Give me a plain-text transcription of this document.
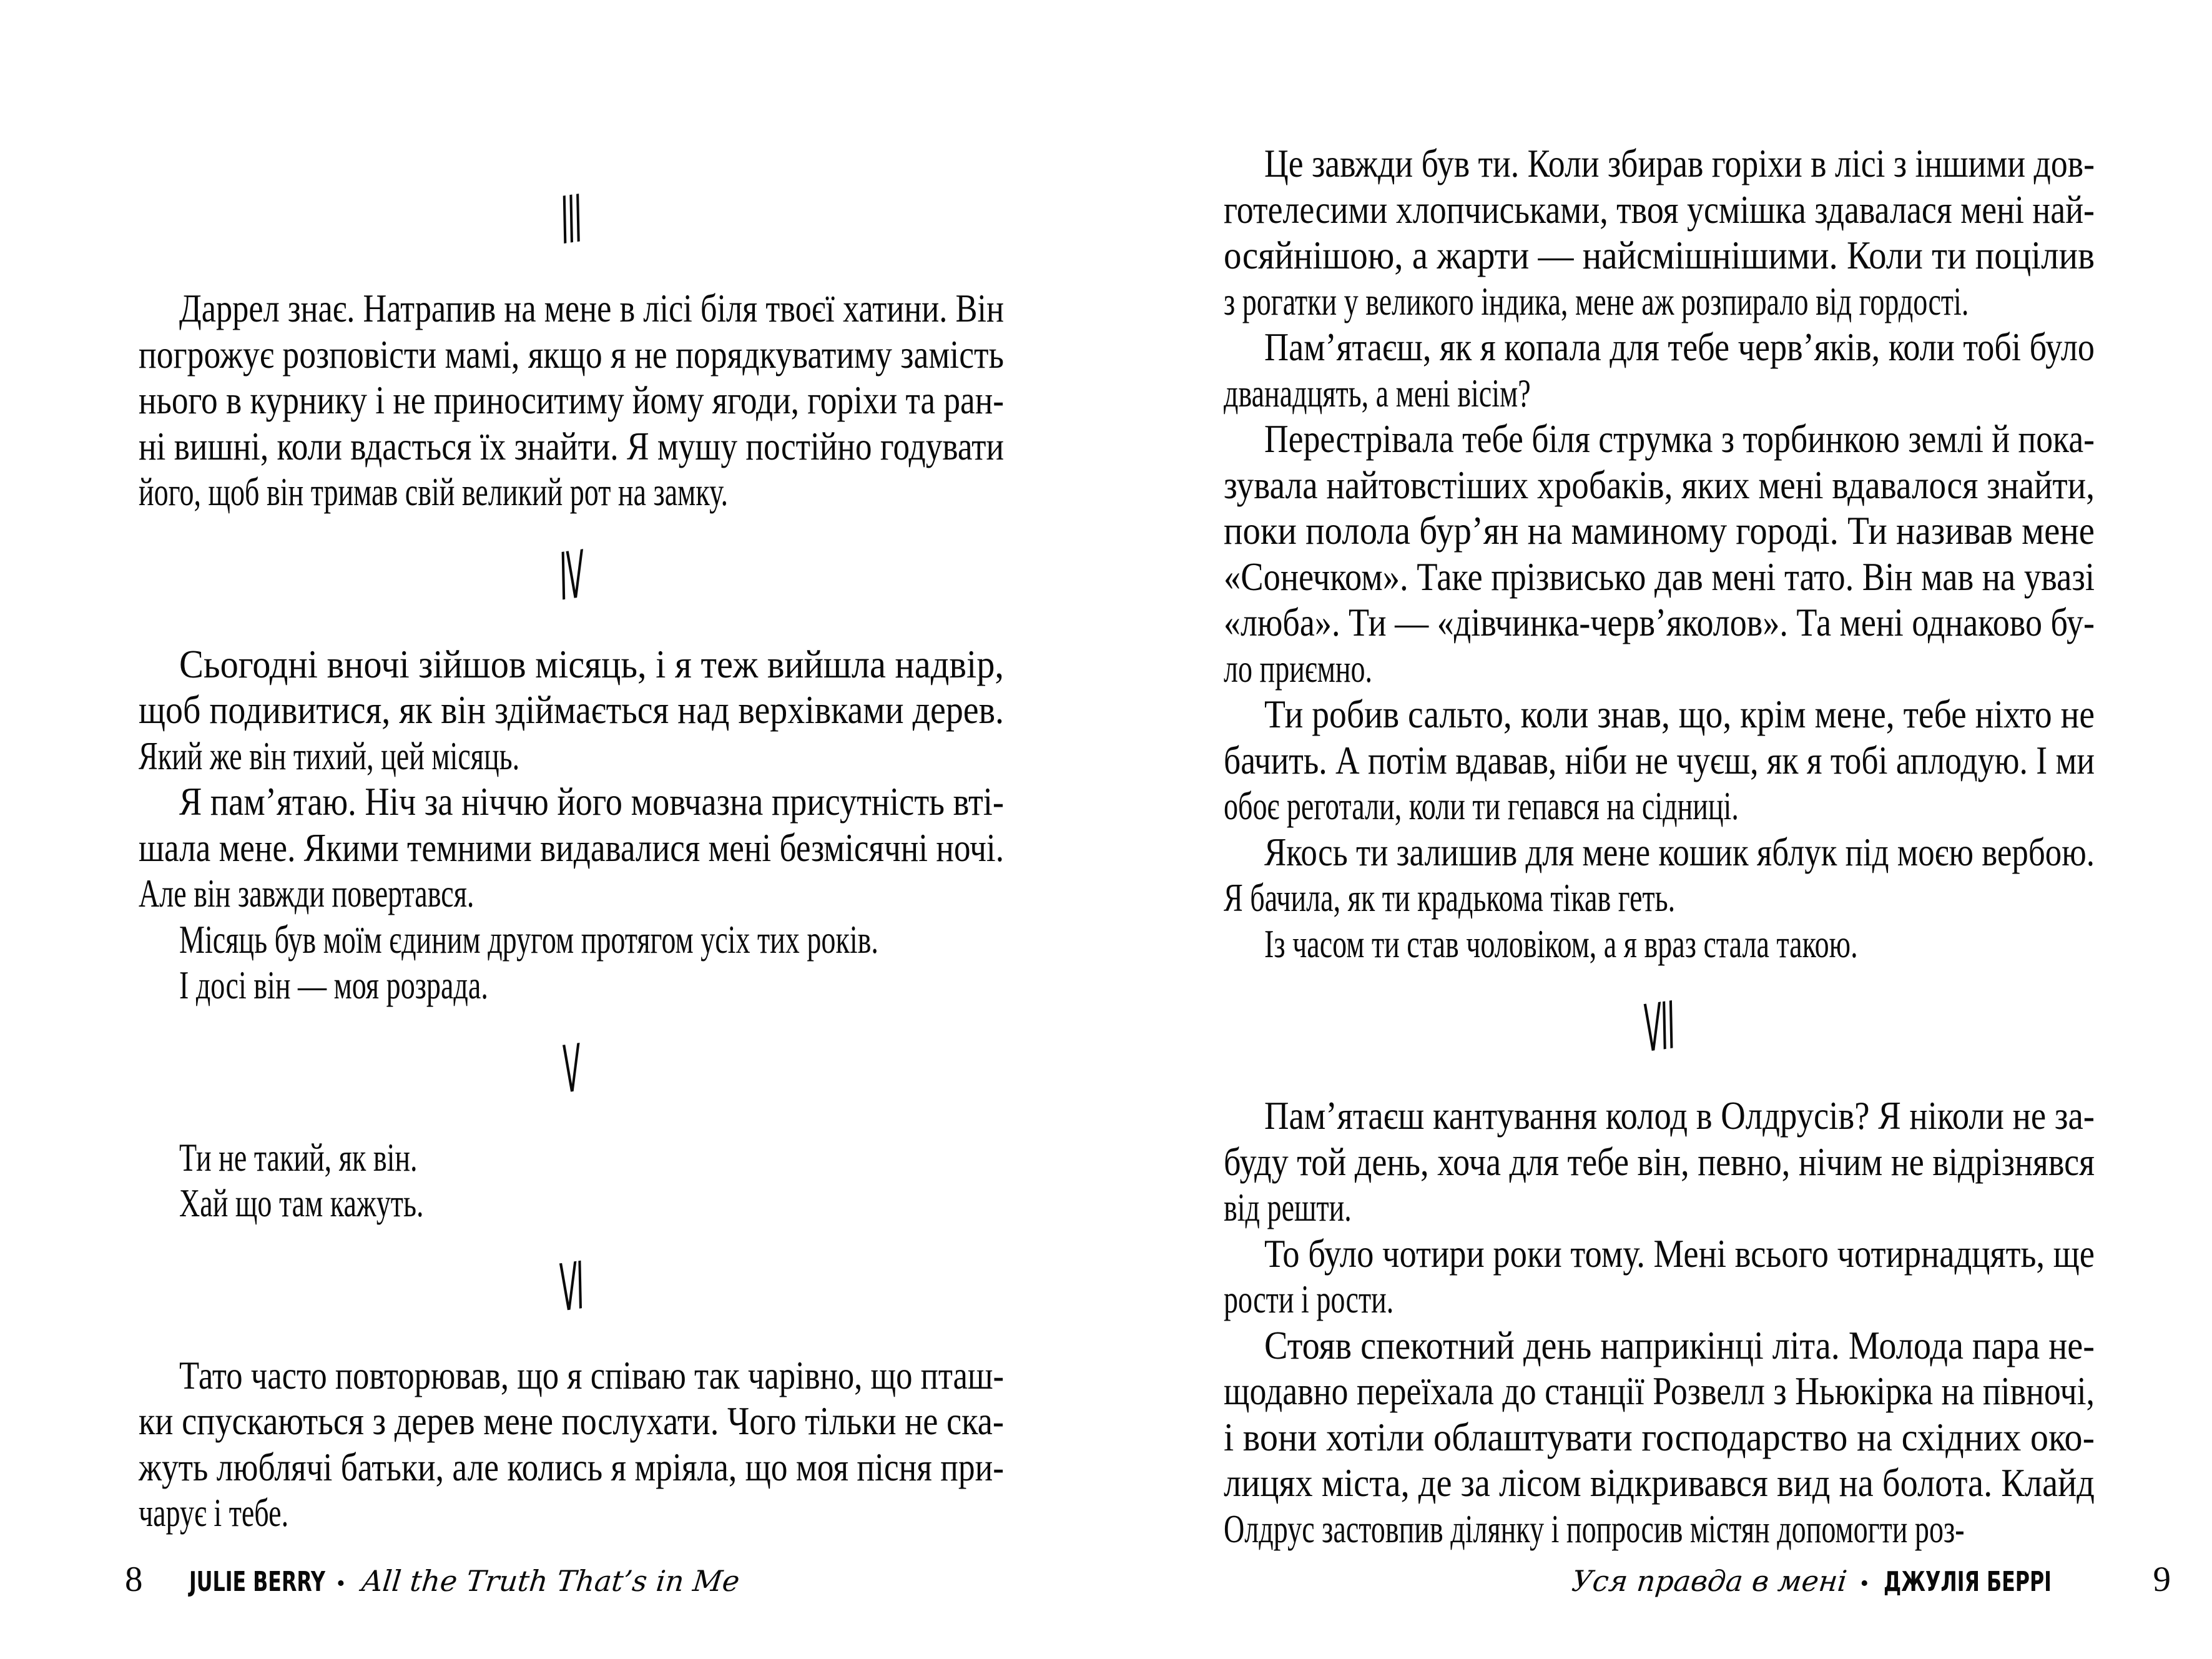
III
Даррел знає. Натрапив на мене в лісі біля твоєї хатини. Він
погрожує розповісти мамі, якщо я не порядкуватиму замість
нього в курнику і не приноситиму йому ягоди, горіхи та ран-
ні вишні, коли вдасться їх знайти. Я мушу постійно годувати
його, щоб він тримав свій великий рот на замку.
IV
Сьогодні вночі зійшов місяць, і я теж вийшла надвір,
щоб подивитися, як він здіймається над верхівками дерев.
Який же він тихий, цей місяць.
Я пам’ятаю. Ніч за ніччю його мовчазна присутність вті-
шала мене. Якими темними видавалися мені безмісячні ночі.
Але він завжди повертався.
Місяць був моїм єдиним другом протягом усіх тих років.
І досі він — моя розрада.
V
Ти не такий, як він.
Хай що там кажуть.
VI
Тато часто повторював, що я співаю так чарівно, що пташ-
ки спускаються з дерев мене послухати. Чого тільки не ска-
жуть люблячі батьки, але колись я мріяла, що моя пісня при-
чарує і тебе.
8 JULIE BERRY • All the Truth That’s in Me
Це завжди був ти. Коли збирав горіхи в лісі з іншими дов-
готелесими хлопчиськами, твоя усмішка здавалася мені най-
осяйнішою, а жарти — найсмішнішими. Коли ти поцілив
з рогатки у великого індика, мене аж розпирало від гордості.
Пам’ятаєш, як я копала для тебе черв’яків, коли тобі було
дванадцять, а мені вісім?
Перестрівала тебе біля струмка з торбинкою землі й пока-
зувала найтовстіших хробаків, яких мені вдавалося знайти,
поки полола бур’ян на маминому городі. Ти називав мене
«Сонечком». Таке прізвисько дав мені тато. Він мав на увазі
«люба». Ти — «дівчинка-черв’яколов». Та мені однаково бу-
ло приємно.
Ти робив сальто, коли знав, що, крім мене, тебе ніхто не
бачить. А потім вдавав, ніби не чуєш, як я тобі аплодую. І ми
обоє реготали, коли ти гепався на сідниці.
Якось ти залишив для мене кошик яблук під моєю вербою.
Я бачила, як ти крадькома тікав геть.
Із часом ти став чоловіком, а я враз стала такою.
VII
Пам’ятаєш кантування колод в Олдрусів? Я ніколи не за-
буду той день, хоча для тебе він, певно, нічим не відрізнявся
від решти.
То було чотири роки тому. Мені всього чотирнадцять, ще
рости і рости.
Стояв спекотний день наприкінці літа. Молода пара не-
щодавно переїхала до станції Розвелл з Ньюкірка на півночі,
і вони хотіли облаштувати господарство на східних око-
лицях міста, де за лісом відкривався вид на болота. Клайд
Олдрус застовпив ділянку і попросив містян допомогти роз-
Уся правда в мені • ДЖУЛІЯ БЕРРІ	9
